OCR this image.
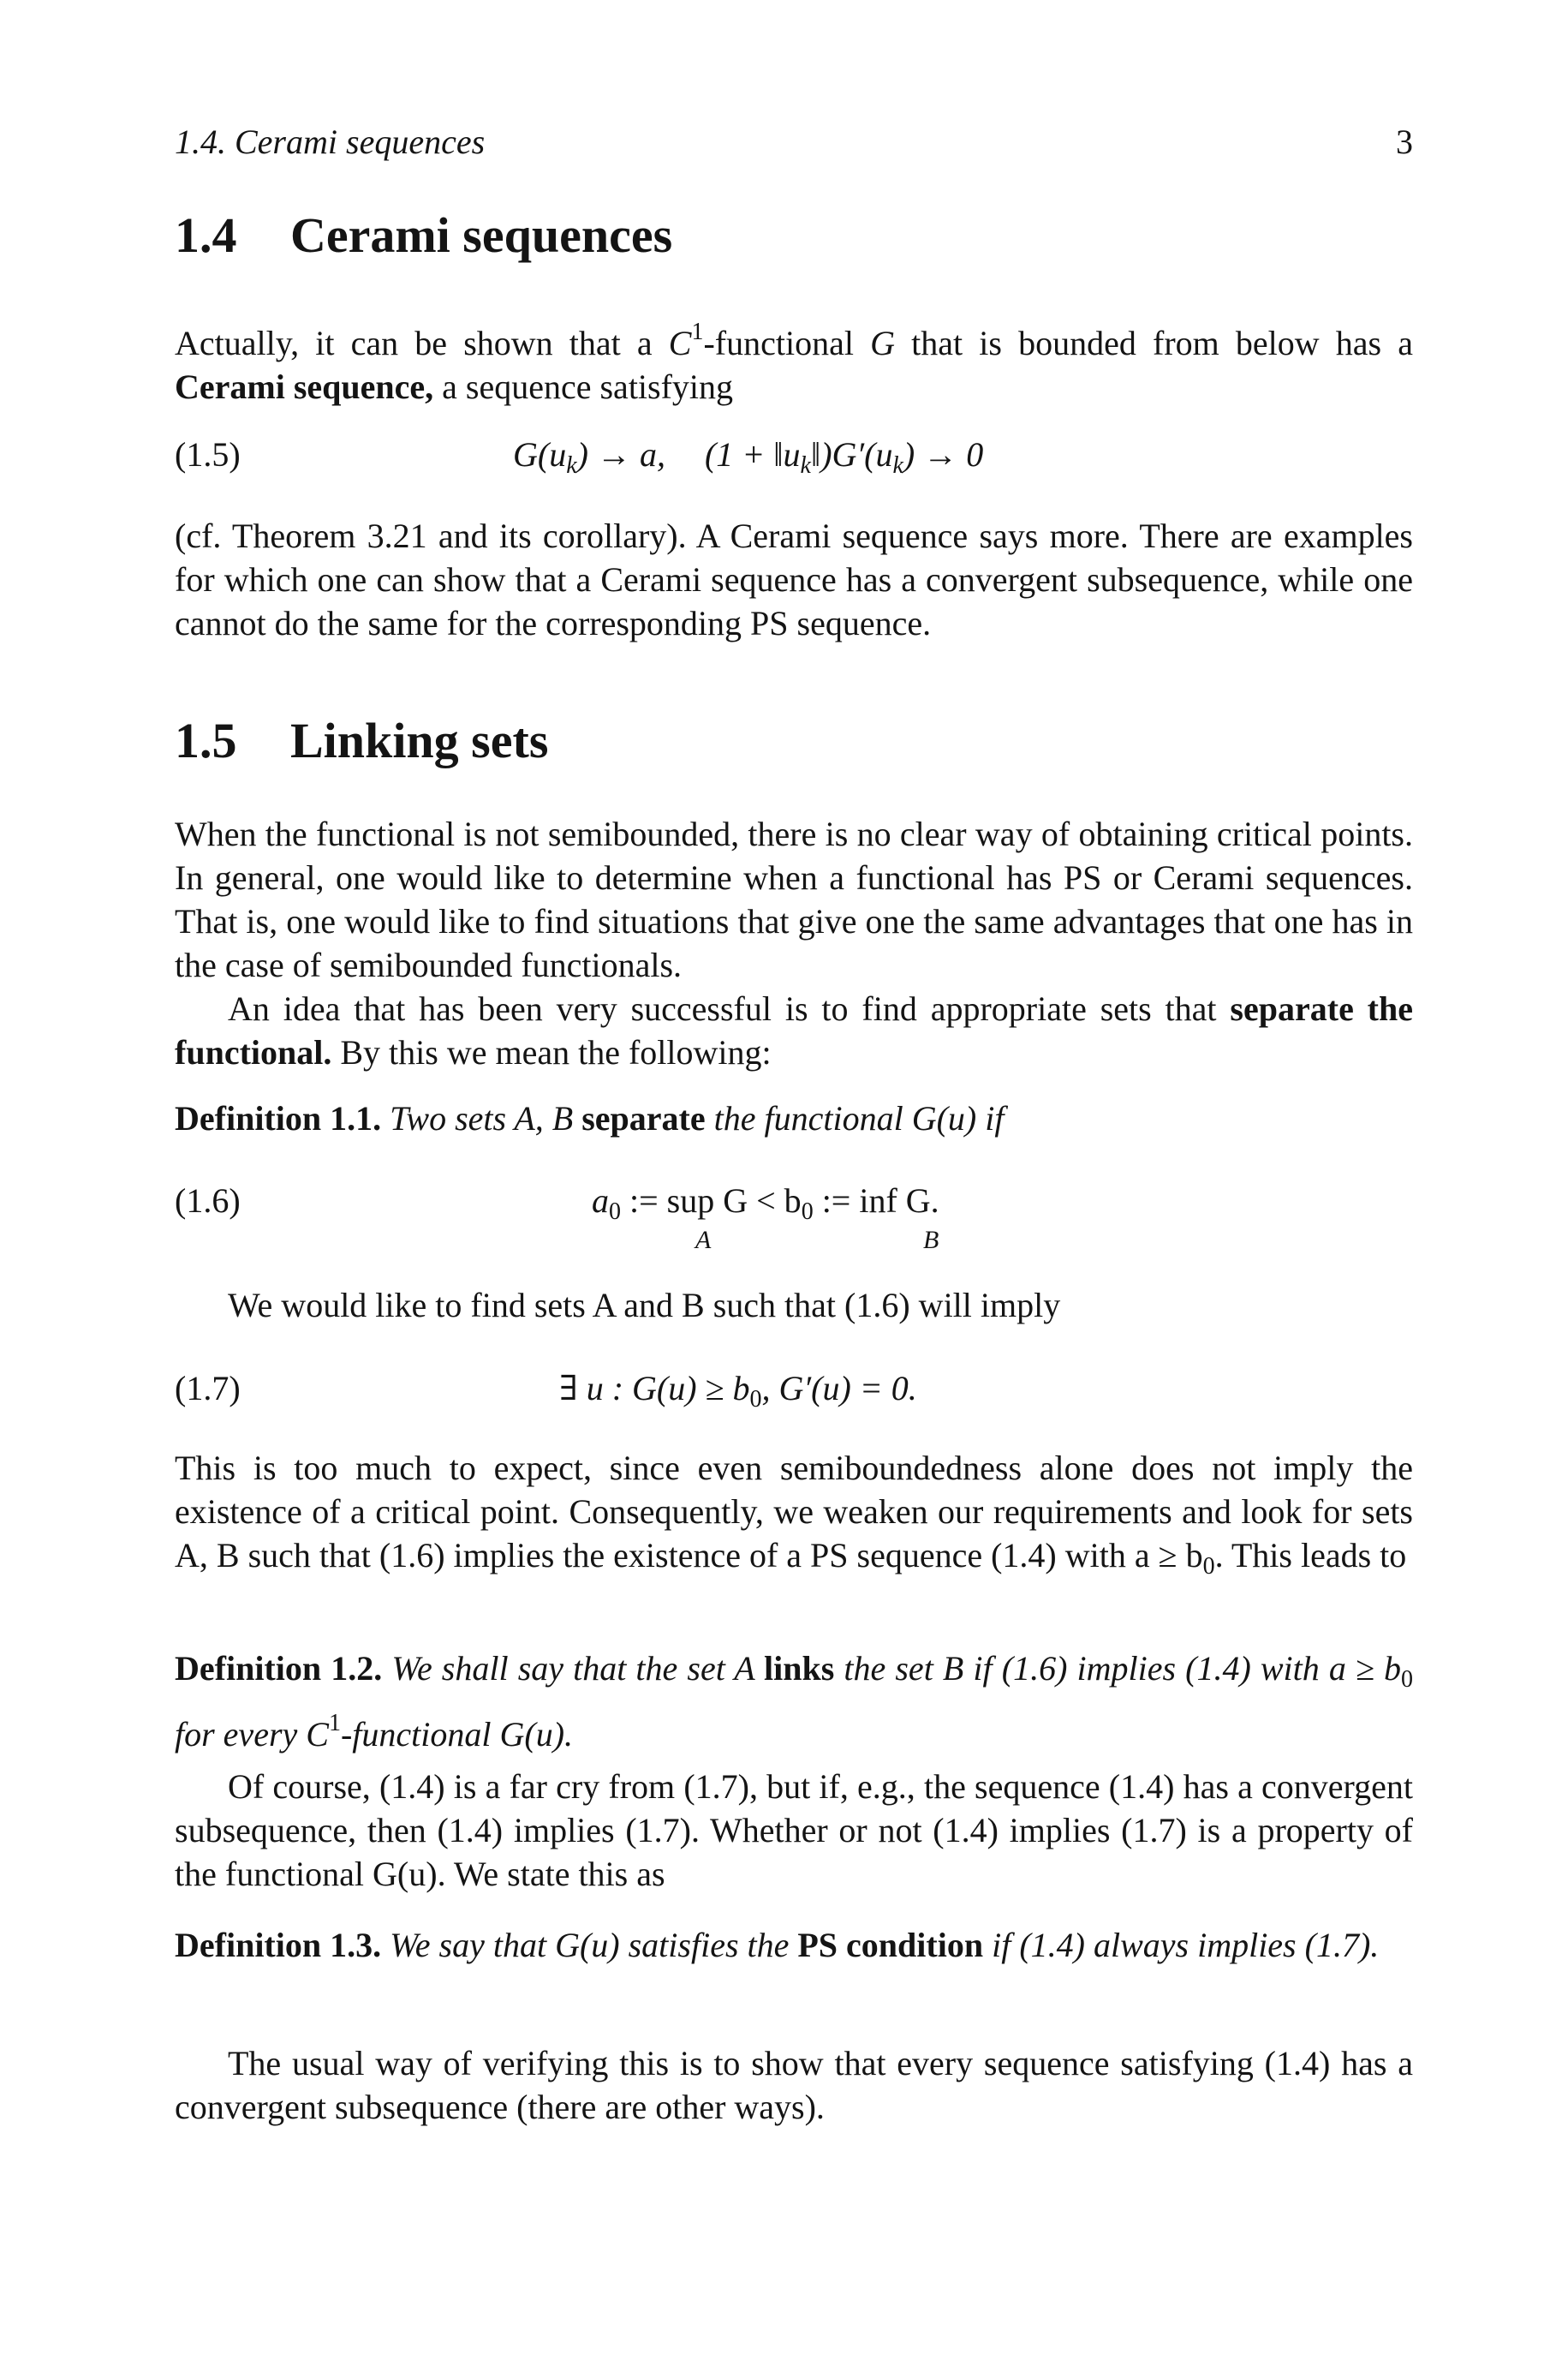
1.4. Cerami sequences	3
1.4 Cerami sequences
Actually, it can be shown that a $C^1$-functional G that is bounded from below has a Cerami sequence, a sequence satisfying
(1.5)	$G(u_k) \to a$, $(1 + ‖u_k‖)G'(u_k) \to 0$
(cf. Theorem 3.21 and its corollary). A Cerami sequence says more. There are examples for which one can show that a Cerami sequence has a convergent subsequence, while one cannot do the same for the corresponding PS sequence.
1.5 Linking sets
When the functional is not semibounded, there is no clear way of obtaining critical points. In general, one would like to determine when a functional has PS or Cerami sequences. That is, one would like to find situations that give one the same advantages that one has in the case of semibounded functionals.
An idea that has been very successful is to find appropriate sets that separate the functional. By this we mean the following:
Definition 1.1. Two sets A, B separate the functional G(u) if
(1.6)	$a_0$ := sup $G < b_0$ := inf G.
A	B
We would like to find sets A and B such that (1.6) will imply
(1.7)	∃ u : $G(u) \ge b_0$, G′(u) = 0.
This is too much to expect, since even semiboundedness alone does not imply the existence of a critical point. Consequently, we weaken our requirements and look for sets A, B such that (1.6) implies the existence of a PS sequence (1.4) with $a \ge b_0$. This leads to
Definition 1.2. We shall say that the set A links the set B if (1.6) implies (1.4) with $a \ge b_0$ for every $C^1$-functional G(u).
Of course, (1.4) is a far cry from (1.7), but if, e.g., the sequence (1.4) has a convergent subsequence, then (1.4) implies (1.7). Whether or not (1.4) implies (1.7) is a property of the functional G(u). We state this as
Definition 1.3. We say that G(u) satisfies the PS condition if (1.4) always implies (1.7).
The usual way of verifying this is to show that every sequence satisfying (1.4) has a convergent subsequence (there are other ways).
